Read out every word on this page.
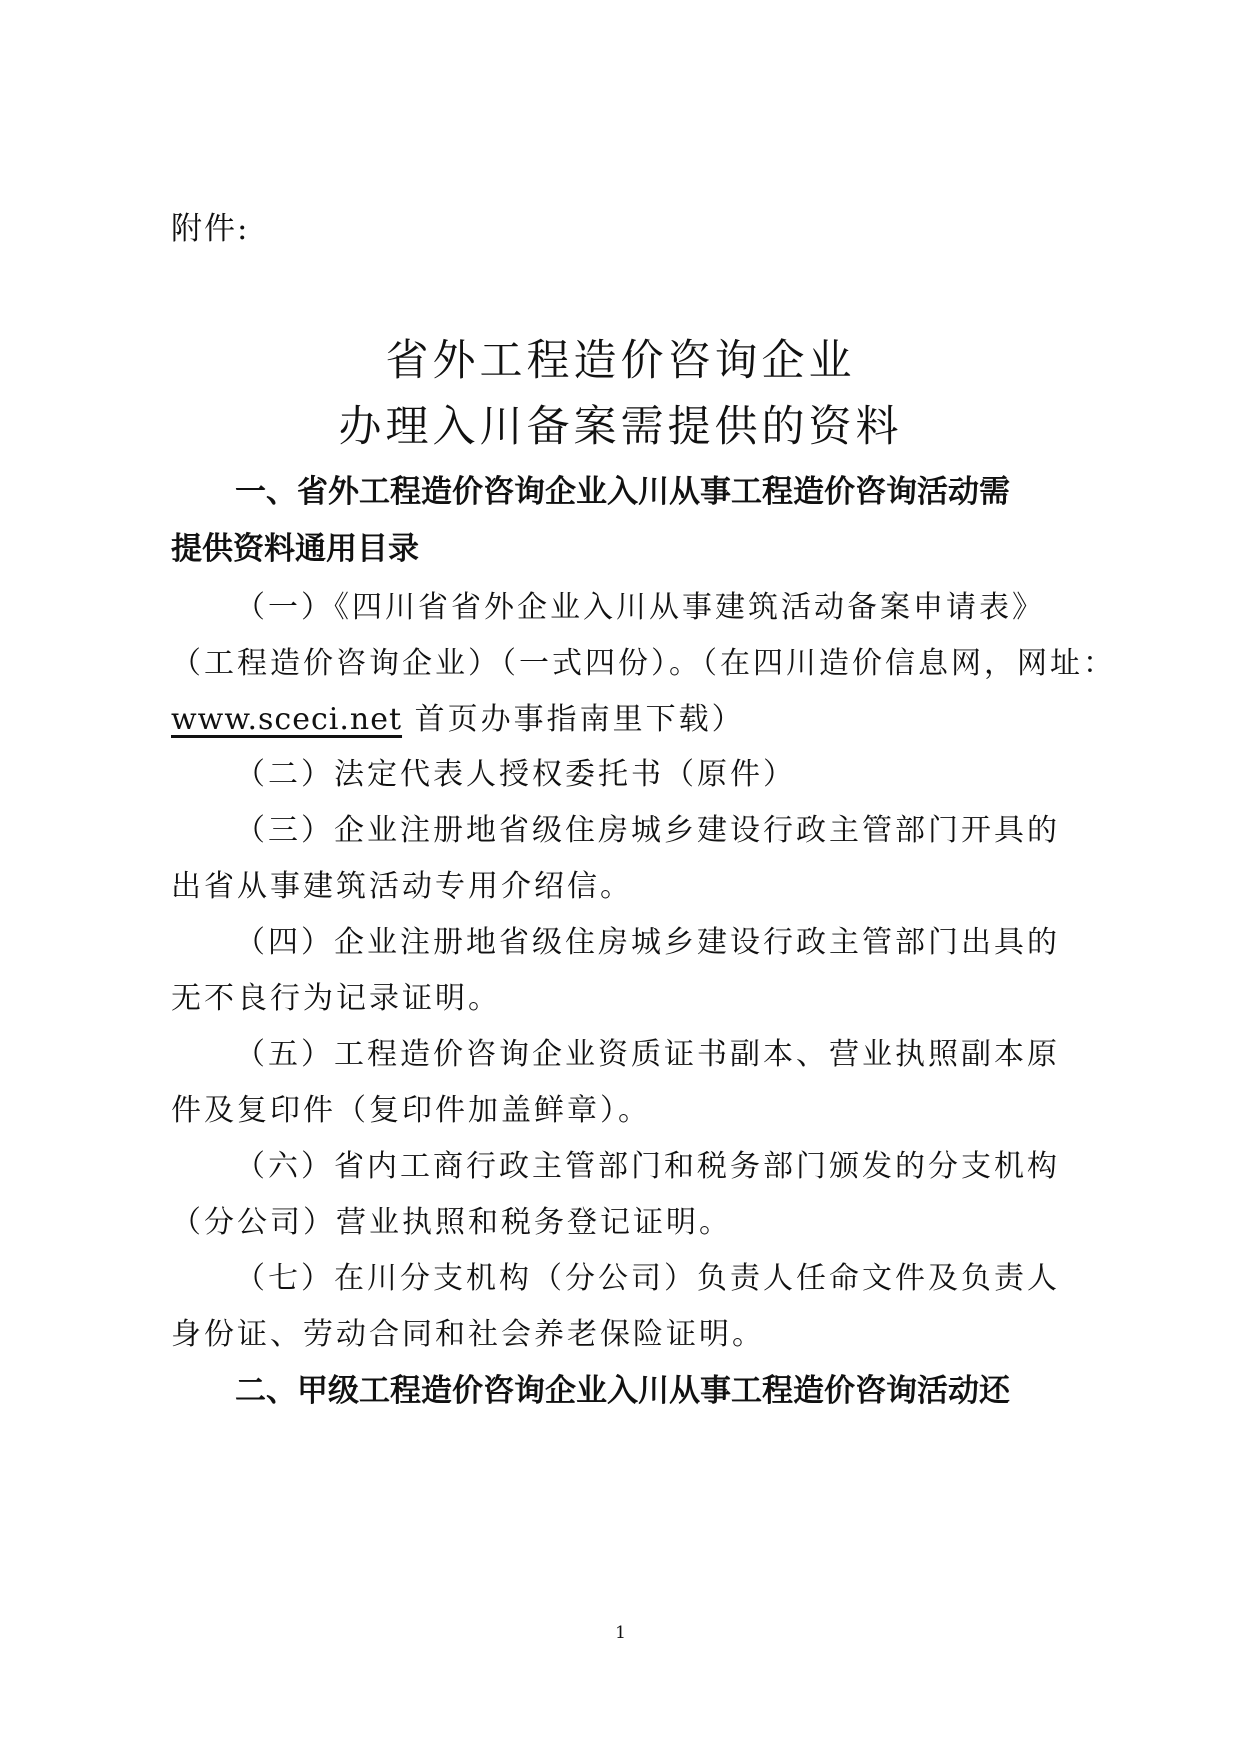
附件:
省外工程造价咨询企业
办理入川备案需提供的资料
一、省外工程造价咨询企业入川从事工程造价咨询活动需
提供资料通用目录
（一）《四川省省外企业入川从事建筑活动备案申请表》
（工程造价咨询企业）（一式四份）。（在四川造价信息网，网址：
www.sceci.net 首页办事指南里下载）
（二）法定代表人授权委托书（原件）
（三）企业注册地省级住房城乡建设行政主管部门开具的
出省从事建筑活动专用介绍信。
（四）企业注册地省级住房城乡建设行政主管部门出具的
无不良行为记录证明。
（五）工程造价咨询企业资质证书副本、营业执照副本原
件及复印件（复印件加盖鲜章）。
（六）省内工商行政主管部门和税务部门颁发的分支机构
（分公司）营业执照和税务登记证明。
（七）在川分支机构（分公司）负责人任命文件及负责人
身份证、劳动合同和社会养老保险证明。
二、甲级工程造价咨询企业入川从事工程造价咨询活动还
1
